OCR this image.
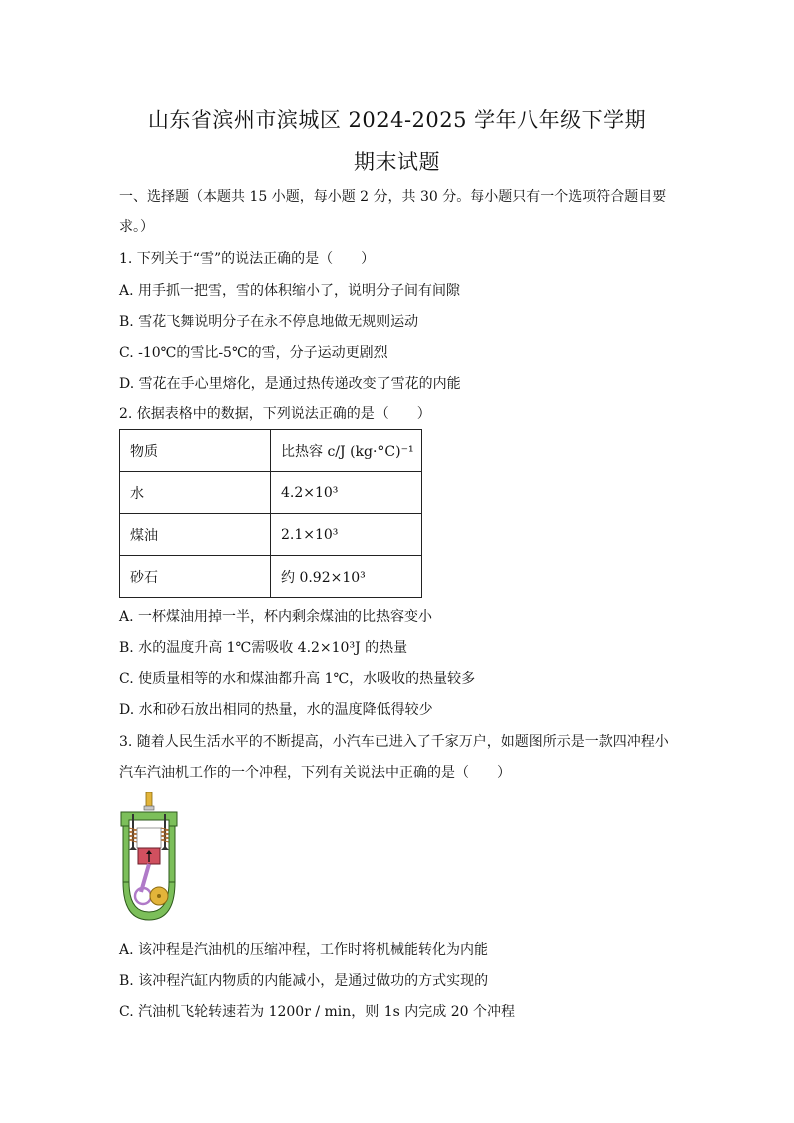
山东省滨州市滨城区 2024-2025 学年八年级下学期
期末试题
一、选择题（本题共 15 小题，每小题 2 分，共 30 分。每小题只有一个选项符合题目要
求。）
1. 下列关于“雪”的说法正确的是（　　）
A. 用手抓一把雪，雪的体积缩小了，说明分子间有间隙
B. 雪花飞舞说明分子在永不停息地做无规则运动
C. -10℃的雪比-5℃的雪，分子运动更剧烈
D. 雪花在手心里熔化，是通过热传递改变了雪花的内能
2. 依据表格中的数据，下列说法正确的是（　　）
物质	比热容 c/J (kg·°C)⁻¹
水	4.2×10³
煤油	2.1×10³
砂石	约 0.92×10³
A. 一杯煤油用掉一半，杯内剩余煤油的比热容变小
B. 水的温度升高 1℃需吸收 4.2×10³J 的热量
C. 使质量相等的水和煤油都升高 1℃，水吸收的热量较多
D. 水和砂石放出相同的热量，水的温度降低得较少
3. 随着人民生活水平的不断提高，小汽车已进入了千家万户，如题图所示是一款四冲程小
汽车汽油机工作的一个冲程，下列有关说法中正确的是（　　）
A. 该冲程是汽油机的压缩冲程，工作时将机械能转化为内能
B. 该冲程汽缸内物质的内能减小，是通过做功的方式实现的
C. 汽油机飞轮转速若为 1200r / min，则 1s 内完成 20 个冲程
